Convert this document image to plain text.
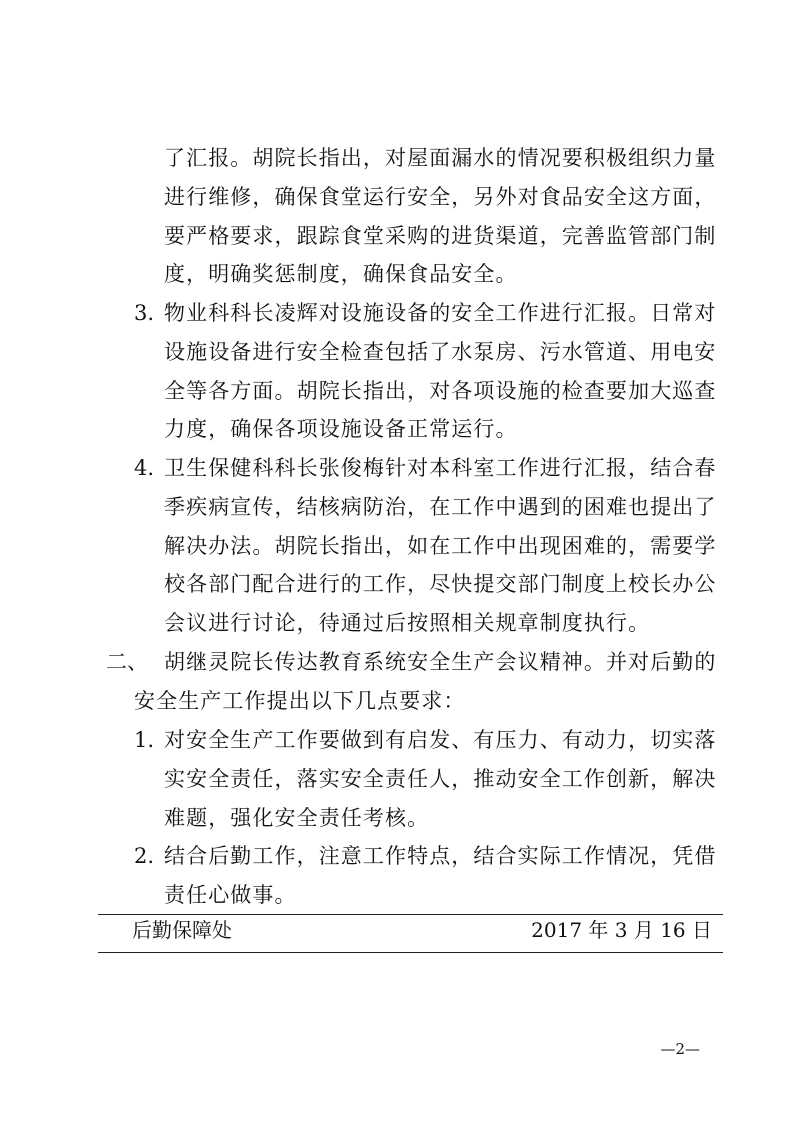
了汇报。胡院长指出，对屋面漏水的情况要积极组织力量
进行维修，确保食堂运行安全，另外对食品安全这方面，
要严格要求，跟踪食堂采购的进货渠道，完善监管部门制
度，明确奖惩制度，确保食品安全。
3. 物业科科长凌辉对设施设备的安全工作进行汇报。日常对
设施设备进行安全检查包括了水泵房、污水管道、用电安
全等各方面。胡院长指出，对各项设施的检查要加大巡查
力度，确保各项设施设备正常运行。
4. 卫生保健科科长张俊梅针对本科室工作进行汇报，结合春
季疾病宣传，结核病防治，在工作中遇到的困难也提出了
解决办法。胡院长指出，如在工作中出现困难的，需要学
校各部门配合进行的工作，尽快提交部门制度上校长办公
会议进行讨论，待通过后按照相关规章制度执行。
二、 胡继灵院长传达教育系统安全生产会议精神。并对后勤的
安全生产工作提出以下几点要求：
1. 对安全生产工作要做到有启发、有压力、有动力，切实落
实安全责任，落实安全责任人，推动安全工作创新，解决
难题，强化安全责任考核。
2. 结合后勤工作，注意工作特点，结合实际工作情况，凭借
责任心做事。
后勤保障处	2017 年 3 月 16 日
—2—
